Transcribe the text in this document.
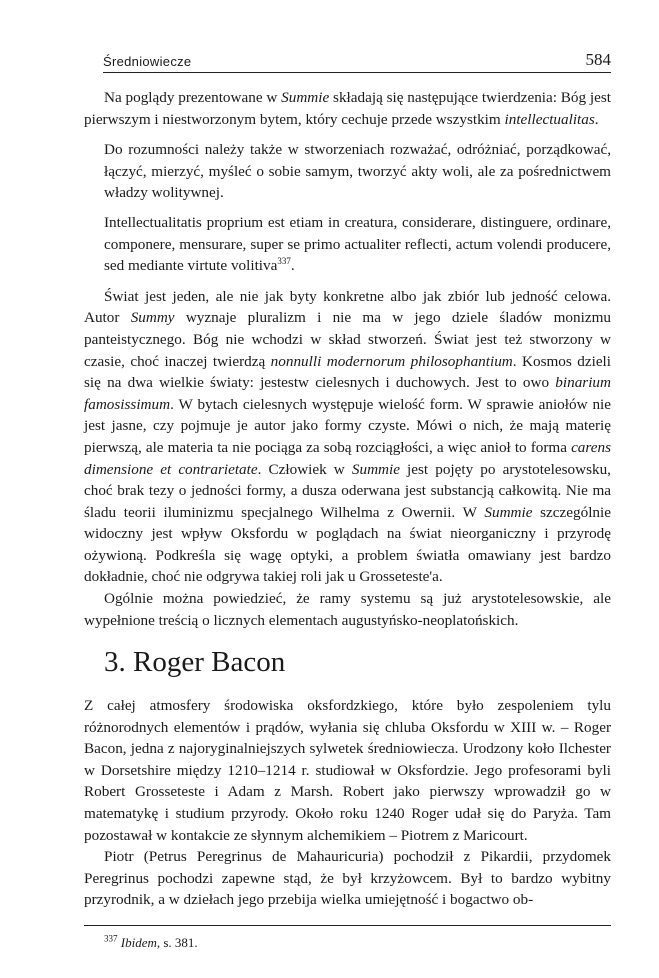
Średniowiecze	584

Na poglądy prezentowane w Summie składają się następujące twierdzenia: Bóg jest pierwszym i niestworzonym bytem, który cechuje przede wszystkim intellectualitas.

Do rozumności należy także w stworzeniach rozważać, odróżniać, porządkować, łączyć, mierzyć, myśleć o sobie samym, tworzyć akty woli, ale za pośrednictwem władzy wolitywnej.

Intellectualitatis proprium est etiam in creatura, considerare, distinguere, ordinare, componere, mensurare, super se primo actualiter reflecti, actum volendi producere, sed mediante virtute volitiva$^{337}$.

Świat jest jeden, ale nie jak byty konkretne albo jak zbiór lub jedność celowa. Autor Summy wyznaje pluralizm i nie ma w jego dziele śladów monizmu panteistycznego. Bóg nie wchodzi w skład stworzeń. Świat jest też stworzony w czasie, choć inaczej twierdzą nonnulli modernorum philosophantium. Kosmos dzieli się na dwa wielkie światy: jestestw cielesnych i duchowych. Jest to owo binarium famosissimum. W bytach cielesnych występuje wielość form. W sprawie aniołów nie jest jasne, czy pojmuje je autor jako formy czyste. Mówi o nich, że mają materię pierwszą, ale materia ta nie pociąga za sobą rozciągłości, a więc anioł to forma carens dimensione et contrarietate. Człowiek w Summie jest pojęty po arystotelesowsku, choć brak tezy o jedności formy, a dusza oderwana jest substancją całkowitą. Nie ma śladu teorii iluminizmu specjalnego Wilhelma z Owernii. W Summie szczególnie widoczny jest wpływ Oksfordu w poglądach na świat nieorganiczny i przyrodę ożywioną. Podkreśla się wagę optyki, a problem światła omawiany jest bardzo dokładnie, choć nie odgrywa takiej roli jak u Grosseteste'a.

Ogólnie można powiedzieć, że ramy systemu są już arystotelesowskie, ale wypełnione treścią o licznych elementach augustyńsko-neoplatońskich.

3. Roger Bacon

Z całej atmosfery środowiska oksfordzkiego, które było zespoleniem tylu różnorodnych elementów i prądów, wyłania się chluba Oksfordu w XIII w. – Roger Bacon, jedna z najoryginalniejszych sylwetek średniowiecza. Urodzony koło Ilchester w Dorsetshire między 1210–1214 r. studiował w Oksfordzie. Jego profesorami byli Robert Grosseteste i Adam z Marsh. Robert jako pierwszy wprowadził go w matematykę i studium przyrody. Około roku 1240 Roger udał się do Paryża. Tam pozostawał w kontakcie ze słynnym alchemikiem – Piotrem z Maricourt.

Piotr (Petrus Peregrinus de Mahauricuria) pochodził z Pikardii, przydomek Peregrinus pochodzi zapewne stąd, że był krzyżowcem. Był to bardzo wybitny przyrodnik, a w dziełach jego przebija wielka umiejętność i bogactwo ob-

$^{337}$ Ibidem, s. 381.
